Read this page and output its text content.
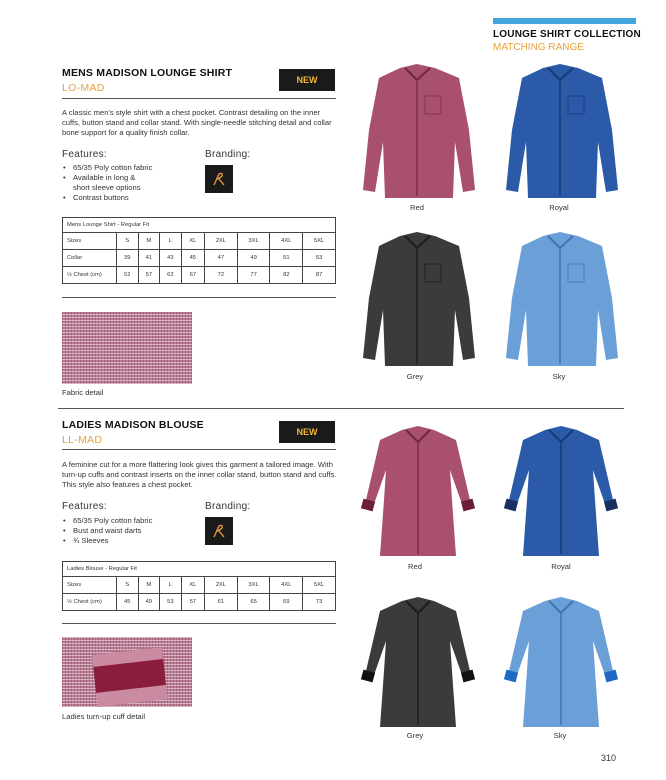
LOUNGE SHIRT COLLECTION
MATCHING RANGE
MENS MADISON LOUNGE SHIRT
LO-MAD
NEW
A classic men's style shirt with a chest pocket. Contrast detailing on the inner cuffs, button stand and collar stand. With single-needle stitching detail and collar bone support for a quality finish collar.
Features:
• 65/35 Poly cotton fabric
• Available in long & short sleeve options
• Contrast buttons
Branding:
Mens Lounge Shirt - Regular Fit								
Sizes	S	M	L	XL	2XL	3XL	4XL	5XL
Collar	39	41	43	45	47	49	51	53
½ Chest (cm)	52	57	62	67	72	77	82	87
Fabric detail
Red	Royal
Grey	Sky
LADIES MADISON BLOUSE
LL-MAD
NEW
A feminine cut for a more flattering look gives this garment a tailored image. With turn-up cuffs and contrast inserts on the inner collar stand, button stand and cuffs. This style also features a chest pocket.
Features:
• 65/35 Poly cotton fabric
• Bust and waist darts
• ¾ Sleeves
Branding:
Ladies Blouse - Regular Fit								
Sizes	S	M	L	XL	2XL	3XL	4XL	5XL
½ Chest (cm)	45	49	53	57	61	65	69	73
Ladies turn-up cuff detail
Red	Royal
Grey	Sky
310
